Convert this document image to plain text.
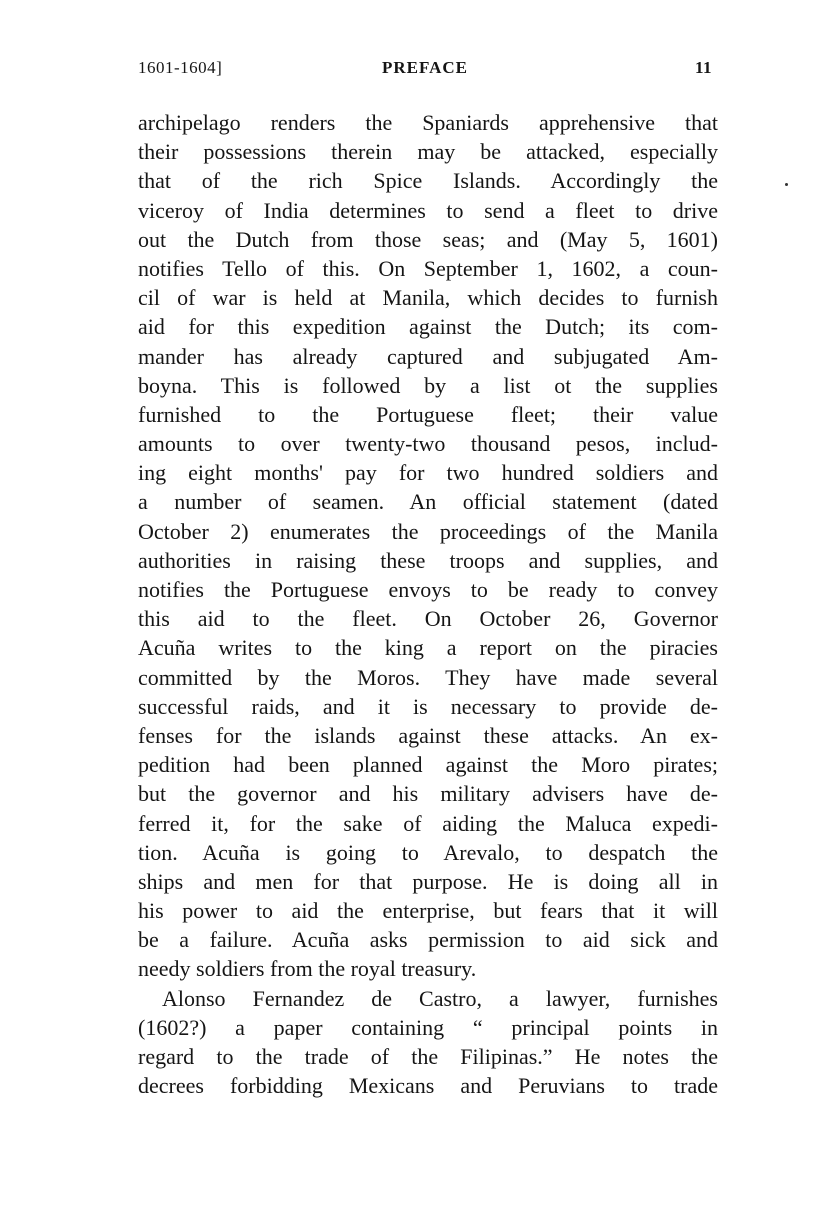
1601-1604]	PREFACE	11
archipelago renders the Spaniards apprehensive that
their possessions therein may be attacked, especially
that of the rich Spice Islands. Accordingly the
viceroy of India determines to send a fleet to drive
out the Dutch from those seas; and (May 5, 1601)
notifies Tello of this. On September 1, 1602, a coun-
cil of war is held at Manila, which decides to furnish
aid for this expedition against the Dutch; its com-
mander has already captured and subjugated Am-
boyna. This is followed by a list ot the supplies
furnished to the Portuguese fleet; their value
amounts to over twenty-two thousand pesos, includ-
ing eight months' pay for two hundred soldiers and
a number of seamen. An official statement (dated
October 2) enumerates the proceedings of the Manila
authorities in raising these troops and supplies, and
notifies the Portuguese envoys to be ready to convey
this aid to the fleet. On October 26, Governor
Acuña writes to the king a report on the piracies
committed by the Moros. They have made several
successful raids, and it is necessary to provide de-
fenses for the islands against these attacks. An ex-
pedition had been planned against the Moro pirates;
but the governor and his military advisers have de-
ferred it, for the sake of aiding the Maluca expedi-
tion. Acuña is going to Arevalo, to despatch the
ships and men for that purpose. He is doing all in
his power to aid the enterprise, but fears that it will
be a failure. Acuña asks permission to aid sick and
needy soldiers from the royal treasury.
Alonso Fernandez de Castro, a lawyer, furnishes
(1602?) a paper containing “ principal points in
regard to the trade of the Filipinas.” He notes the
decrees forbidding Mexicans and Peruvians to trade
